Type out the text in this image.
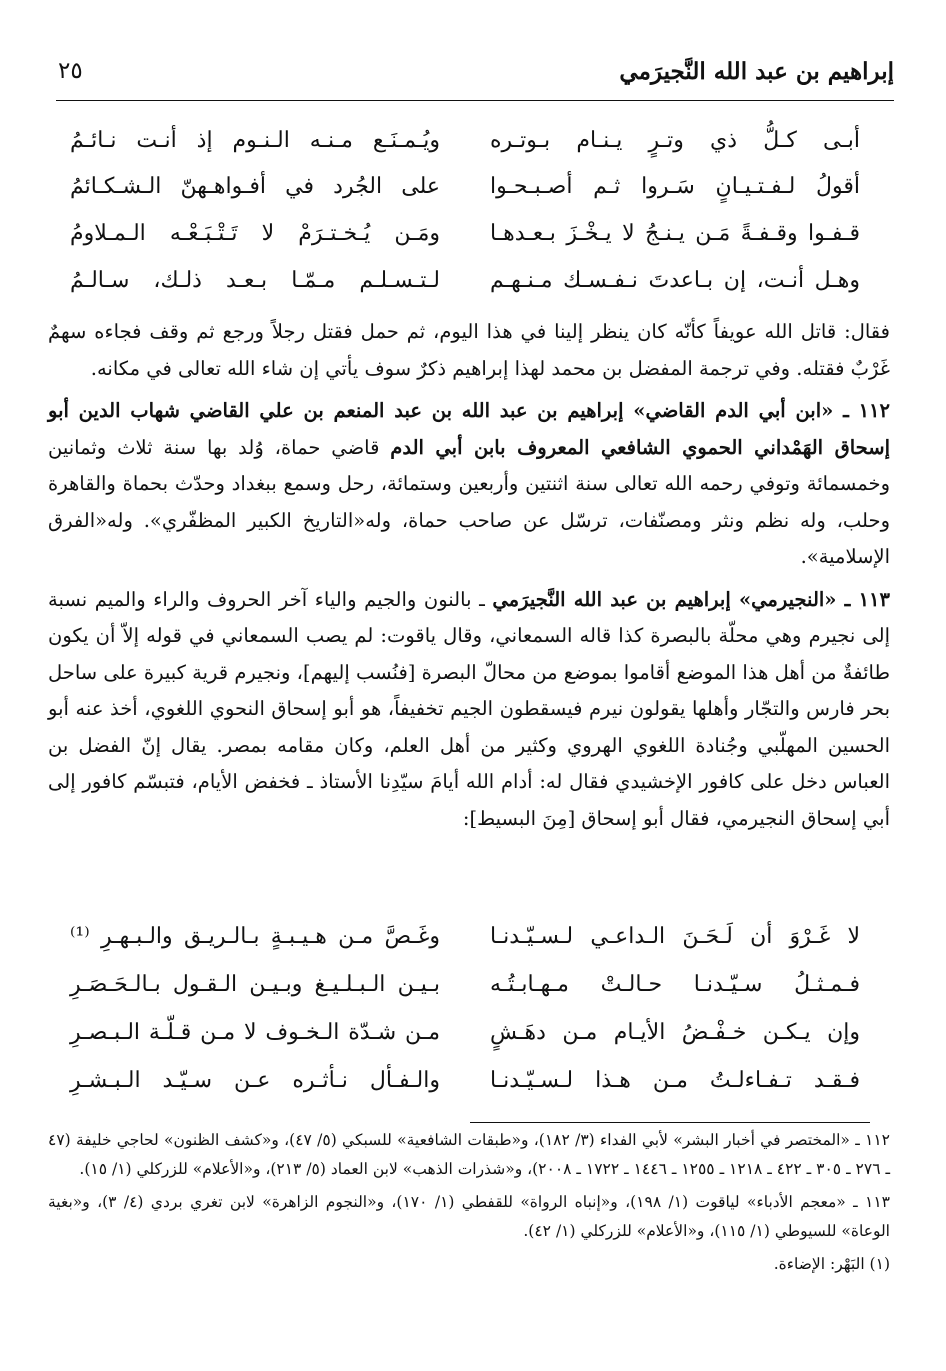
إبراهيم بن عبد الله النَّجيرَمي
٢٥
أبـى كـلُّ ذي وتـرٍ يـنـام بـوتـره
ويُـمـنَـع مـنـه الـنـوم إذ أنـت نـائـمُ
أقولُ لـفـتـيـانٍ سَـروا ثـم أصـبـحـوا
على الجُرد في أفـواهـهنّ الـشـكـائمُ
قـفـوا وقـفـةً مَـن يـنـجُ لا يـخْـزَ بـعـدهـا
ومَـن يُـخـتـرَمْ لا تَـتْـبَـعْـه الـمـلاومُ
وهـل أنـت، إن بـاعدتَ نـفـسـك مـنـهـم
لـتـسـلـم مـمّـا بـعـد ذلـك، سـالـمُ

فقال: قاتل الله عويفاً كأنّه كان ينظر إلينا في هذا اليوم، ثم حمل فقتل رجلاً ورجع ثم وقف فجاءه سهمٌ غَرْبٌ فقتله. وفي ترجمة المفضل بن محمد لهذا إبراهيم ذكرٌ سوف يأتي إن شاء الله تعالى في مكانه.

١١٢ ـ «ابن أبي الدم القاضي» إبراهيم بن عبد الله بن عبد المنعم بن علي القاضي شهاب الدين أبو إسحاق الهَمْداني الحموي الشافعي المعروف بابن أبي الدم قاضي حماة، وُلد بها سنة ثلاث وثمانين وخمسمائة وتوفي رحمه الله تعالى سنة اثنتين وأربعين وستمائة، رحل وسمع ببغداد وحدّث بحماة والقاهرة وحلب، وله نظم ونثر ومصنّفات، ترسّل عن صاحب حماة، وله«التاريخ الكبير المظفّري». وله«الفرق الإسلامية».

١١٣ ـ «النجيرمي» إبراهيم بن عبد الله النَّجيرَمي ـ بالنون والجيم والياء آخر الحروف والراء والميم نسبة إلى نجيرم وهي محلّة بالبصرة كذا قاله السمعاني، وقال ياقوت: لم يصب السمعاني في قوله إلاّ أن يكون طائفةٌ من أهل هذا الموضع أقاموا بموضع من محالّ البصرة [فنُسب إليهم]، ونجيرم قرية كبيرة على ساحل بحر فارس والتجّار وأهلها يقولون نيرم فيسقطون الجيم تخفيفاً، هو أبو إسحاق النحوي اللغوي، أخذ عنه أبو الحسين المهلّبي وجُنادة اللغوي الهروي وكثير من أهل العلم، وكان مقامه بمصر. يقال إنّ الفضل بن العباس دخل على كافور الإخشيدي فقال له: أدام الله أيامَ سيّدِنا الأستاذ ـ فخفض الأيام، فتبسّم كافور إلى أبي إسحاق النجيرمي، فقال أبو إسحاق [مِنَ البسيط]:

لا غَـرْوَ أن لَـحَـنَ الـداعـي لـسـيّـدنـا
وغَـصَّ مـن هـيـبـةٍ بـالـريـق والـبـهـرِ ⁽¹⁾
فـمـثـلُ سـيّـدنـا حـالـتْ مـهـابـتُـه
بـيـن الـبـلـيـغ وبـيـن الـقـول بـالـحَـصَـرِ
وإن يـكـن خـفْـضُ الأيـام مـن دهَـشٍ
مـن شـدّة الـخـوف لا مـن قـلّـة الـبـصـرِ
فـقـد تـفـاءلـتُ مـن هـذا لـسـيّـدنـا
والـفـأل نـأثـره عـن سـيّـد الـبـشـرِ

١١٢ ـ «المختصر في أخبار البشر» لأبي الفداء (٣/ ١٨٢)، و«طبقات الشافعية» للسبكي (٥/ ٤٧)، و«كشف الظنون» لحاجي خليفة (٤٧ ـ ٢٧٦ ـ ٣٠٥ ـ ٤٢٢ ـ ١٢١٨ ـ ١٢٥٥ ـ ١٤٤٦ ـ ١٧٢٢ ـ ٢٠٠٨)، و«شذرات الذهب» لابن العماد (٥/ ٢١٣)، و«الأعلام» للزركلي (١/ ١٥).

١١٣ ـ «معجم الأدباء» لياقوت (١/ ١٩٨)، و«إنباه الرواة» للقفطي (١/ ١٧٠)، و«النجوم الزاهرة» لابن تغري بردي (٤/ ٣)، و«بغية الوعاة» للسيوطي (١/ ١١٥)، و«الأعلام» للزركلي (١/ ٤٢).

(١) البَهْر: الإضاءة.
